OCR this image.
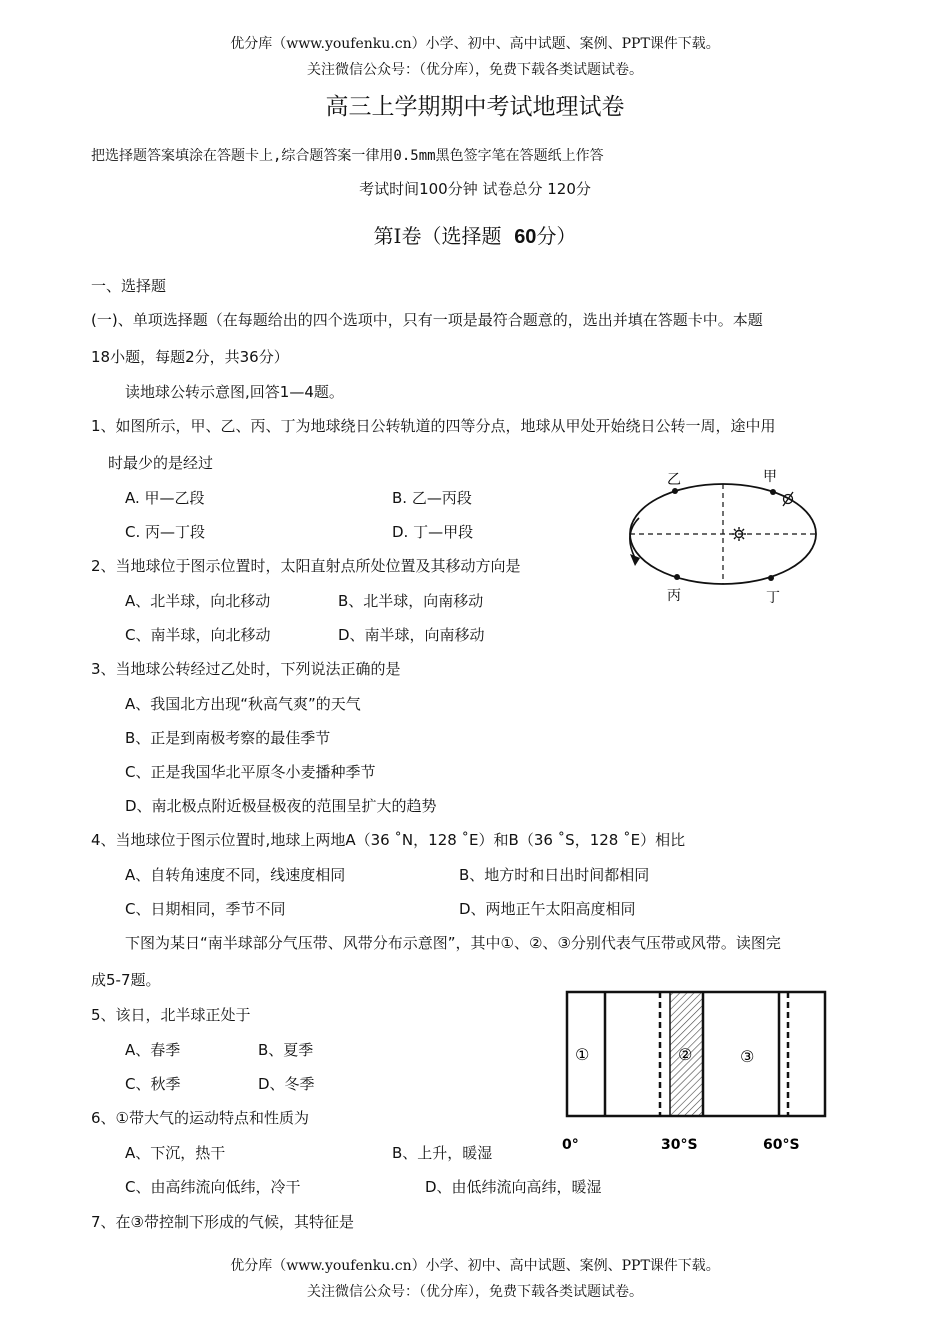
优分库（www.youfenku.cn）小学、初中、高中试题、案例、PPT课件下载。
关注微信公众号：（优分库），免费下载各类试题试卷。
高三上学期期中考试地理试卷
把选择题答案填涂在答题卡上,综合题答案一律用0.5mm黑色签字笔在答题纸上作答
考试时间100分钟 试卷总分 120分
第Ⅰ卷（选择题 60分）
一、选择题
(一)、单项选择题（在每题给出的四个选项中，只有一项是最符合题意的，选出并填在答题卡中。本题
18小题，每题2分，共36分）
读地球公转示意图,回答1—4题。
1、如图所示，甲、乙、丙、丁为地球绕日公转轨道的四等分点，地球从甲处开始绕日公转一周，途中用
时最少的是经过
A. 甲—乙段	B. 乙—丙段
C. 丙—丁段	D. 丁—甲段
乙	甲
丙	丁
2、当地球位于图示位置时，太阳直射点所处位置及其移动方向是
A、北半球，向北移动	B、北半球，向南移动
C、南半球，向北移动	D、南半球，向南移动
3、当地球公转经过乙处时，下列说法正确的是
A、我国北方出现“秋高气爽”的天气
B、正是到南极考察的最佳季节
C、正是我国华北平原冬小麦播种季节
D、南北极点附近极昼极夜的范围呈扩大的趋势
4、当地球位于图示位置时,地球上两地A（36 ˚N，128 ˚E）和B（36 ˚S，128 ˚E）相比
A、自转角速度不同，线速度相同	B、地方时和日出时间都相同
C、日期相同，季节不同	D、两地正午太阳高度相同
下图为某日“南半球部分气压带、风带分布示意图”，其中①、②、③分别代表气压带或风带。读图完
成5-7题。
①	②	③
0°	30°S	60°S
5、该日，北半球正处于
A、春季	B、夏季
C、秋季	D、冬季
6、①带大气的运动特点和性质为
A、下沉，热干	B、上升，暖湿
C、由高纬流向低纬，冷干	D、由低纬流向高纬，暖湿
7、在③带控制下形成的气候，其特征是
优分库（www.youfenku.cn）小学、初中、高中试题、案例、PPT课件下载。
关注微信公众号：（优分库），免费下载各类试题试卷。
